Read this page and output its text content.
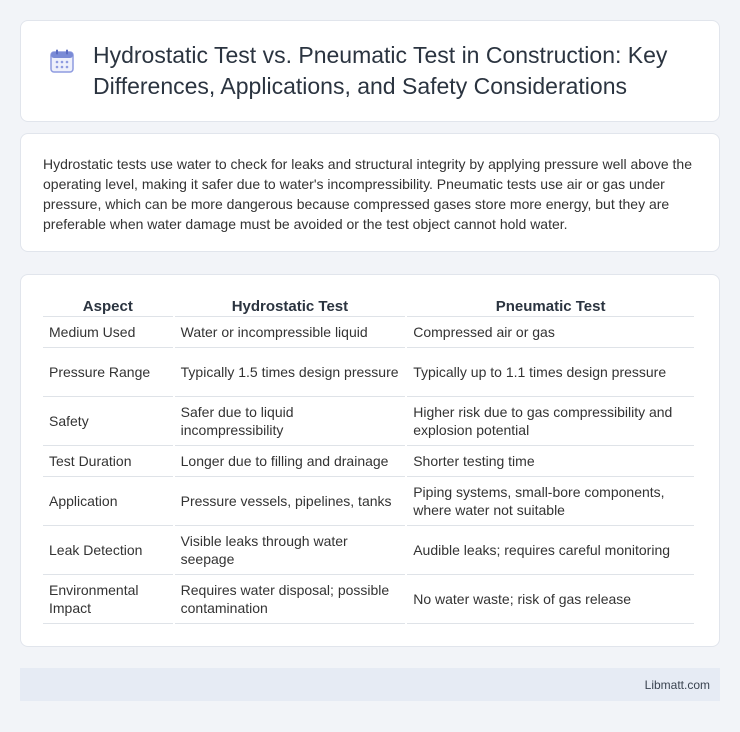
Hydrostatic Test vs. Pneumatic Test in Construction: Key Differences, Applications, and Safety Considerations

Hydrostatic tests use water to check for leaks and structural integrity by applying pressure well above the operating level, making it safer due to water's incompressibility. Pneumatic tests use air or gas under pressure, which can be more dangerous because compressed gases store more energy, but they are preferable when water damage must be avoided or the test object cannot hold water.

Aspect	Hydrostatic Test	Pneumatic Test
Medium Used	Water or incompressible liquid	Compressed air or gas
Pressure Range	Typically 1.5 times design pressure	Typically up to 1.1 times design pressure
Safety	Safer due to liquid incompressibility	Higher risk due to gas compressibility and explosion potential
Test Duration	Longer due to filling and drainage	Shorter testing time
Application	Pressure vessels, pipelines, tanks	Piping systems, small-bore components, where water not suitable
Leak Detection	Visible leaks through water seepage	Audible leaks; requires careful monitoring
Environmental Impact	Requires water disposal; possible contamination	No water waste; risk of gas release
Libmatt.com
